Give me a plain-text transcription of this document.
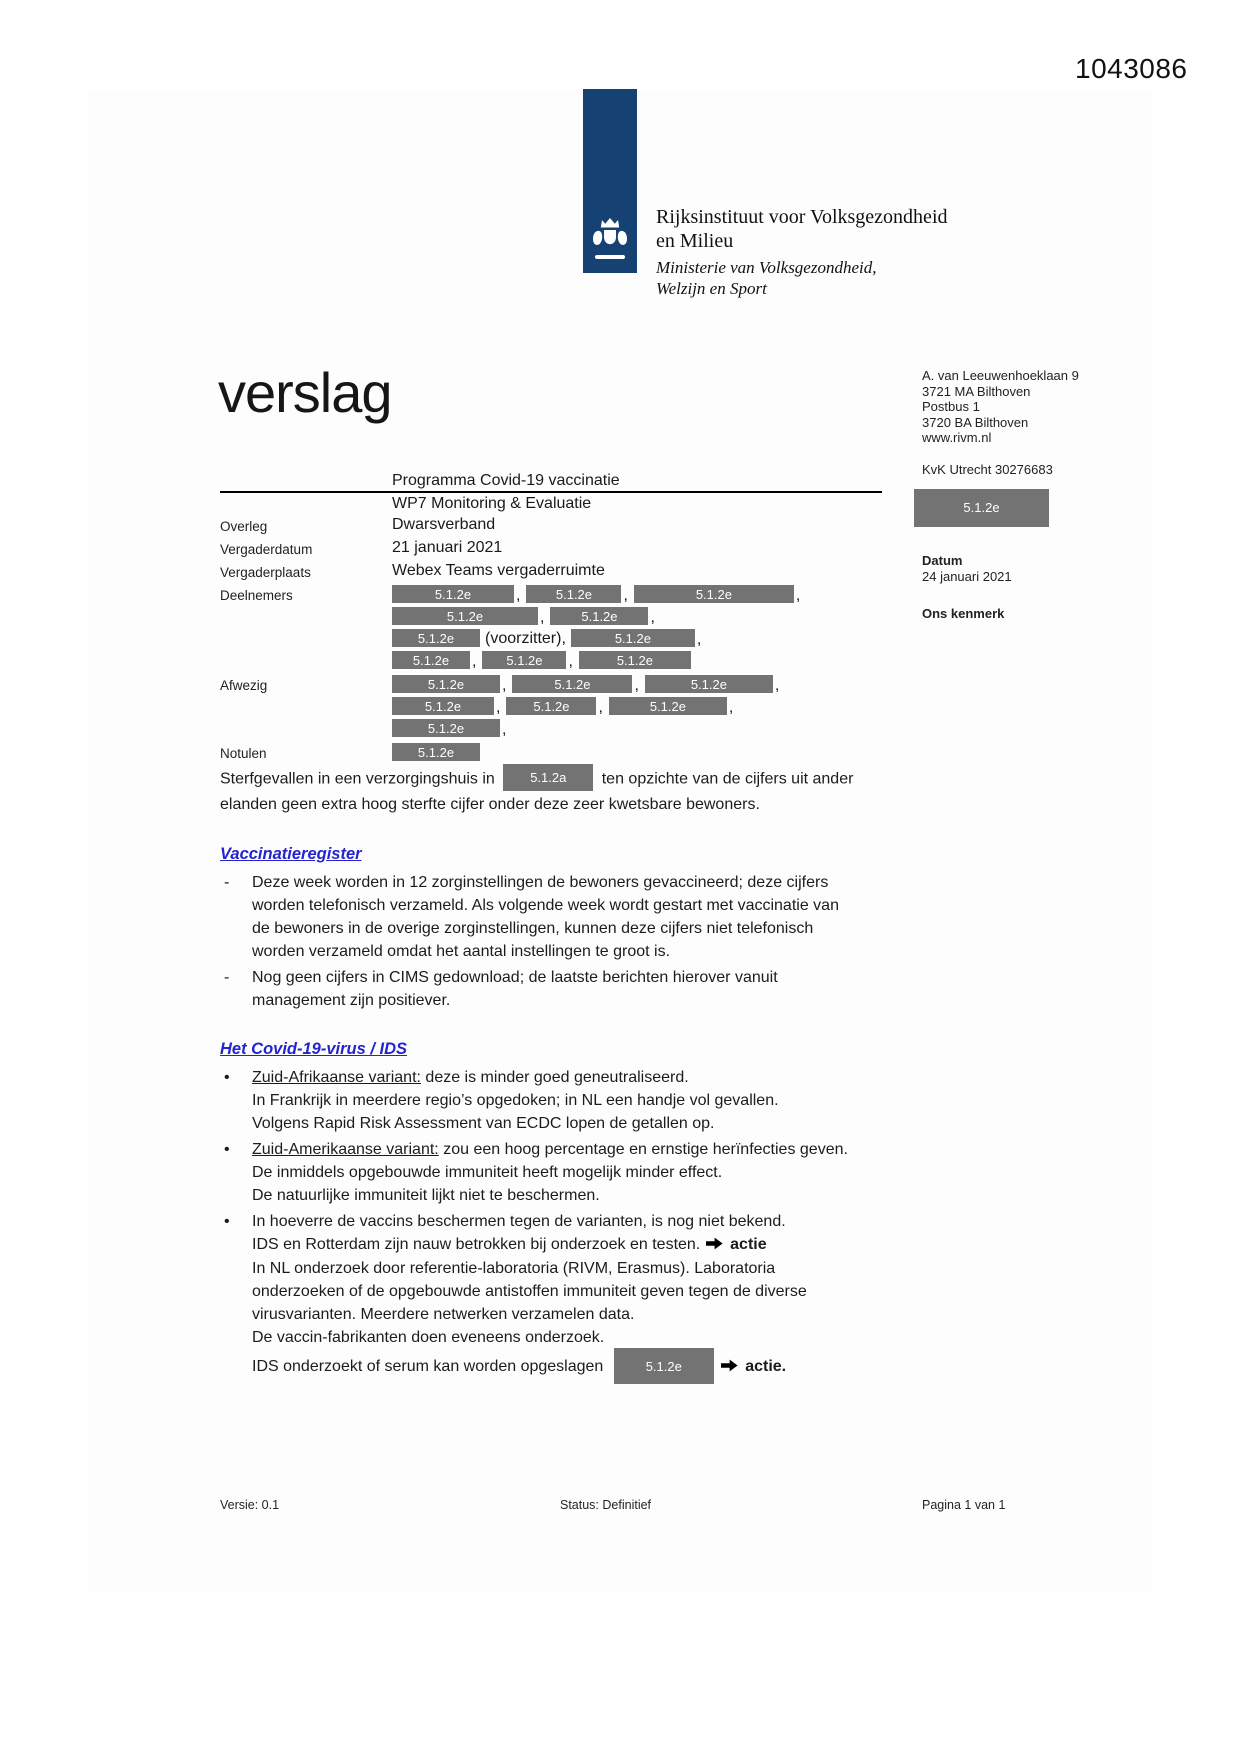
1043086
Rijksinstituut voor Volksgezondheid
en Milieu
Ministerie van Volksgezondheid,
Welzijn en Sport
verslag	A. van Leeuwenhoeklaan 9
3721 MA Bilthoven
Postbus 1
3720 BA Bilthoven
www.rivm.nl
KvK Utrecht 30276683
5.1.2e
Datum
24 januari 2021
Ons kenmerk
Programma Covid-19 vaccinatie
WP7 Monitoring & Evaluatie
Overleg	Dwarsverband
Vergaderdatum	21 januari 2021
Vergaderplaats	Webex Teams vergaderruimte
Deelnemers	5.1.2e	,	5.1.2e	,	5.1.2e	,
5.1.2e	,	5.1.2e	,
5.1.2e	(voorzitter),	5.1.2e	,
5.1.2e	,	5.1.2e	,	5.1.2e
Afwezig	5.1.2e	,	5.1.2e	,	5.1.2e	,
5.1.2e	,	5.1.2e	,	5.1.2e	,
5.1.2e	,
Notulen	5.1.2e
Sterfgevallen in een verzorgingshuis in 5.1.2a ten opzichte van de cijfers uit ander elanden geen extra hoog sterfte cijfer onder deze zeer kwetsbare bewoners.
Vaccinatieregister
-	Deze week worden in 12 zorginstellingen de bewoners gevaccineerd; deze cijfers worden telefonisch verzameld. Als volgende week wordt gestart met vaccinatie van de bewoners in de overige zorginstellingen, kunnen deze cijfers niet telefonisch worden verzameld omdat het aantal instellingen te groot is.
-	Nog geen cijfers in CIMS gedownload; de laatste berichten hierover vanuit management zijn positiever.
Het Covid-19-virus / IDS
•	Zuid-Afrikaanse variant: deze is minder goed geneutraliseerd.
In Frankrijk in meerdere regio’s opgedoken; in NL een handje vol gevallen.
Volgens Rapid Risk Assessment van ECDC lopen de getallen op.
•	Zuid-Amerikaanse variant: zou een hoog percentage en ernstige herïnfecties geven. De inmiddels opgebouwde immuniteit heeft mogelijk minder effect.
De natuurlijke immuniteit lijkt niet te beschermen.
•	In hoeverre de vaccins beschermen tegen de varianten, is nog niet bekend.
IDS en Rotterdam zijn nauw betrokken bij onderzoek en testen.  actie
In NL onderzoek door referentie-laboratoria (RIVM, Erasmus). Laboratoria onderzoeken of de opgebouwde antistoffen immuniteit geven tegen de diverse virusvarianten. Meerdere netwerken verzamelen data.
De vaccin-fabrikanten doen eveneens onderzoek.
IDS onderzoekt of serum kan worden opgeslagen	5.1.2e	actie.
Versie: 0.1	Status: Definitief	Pagina 1 van 1
